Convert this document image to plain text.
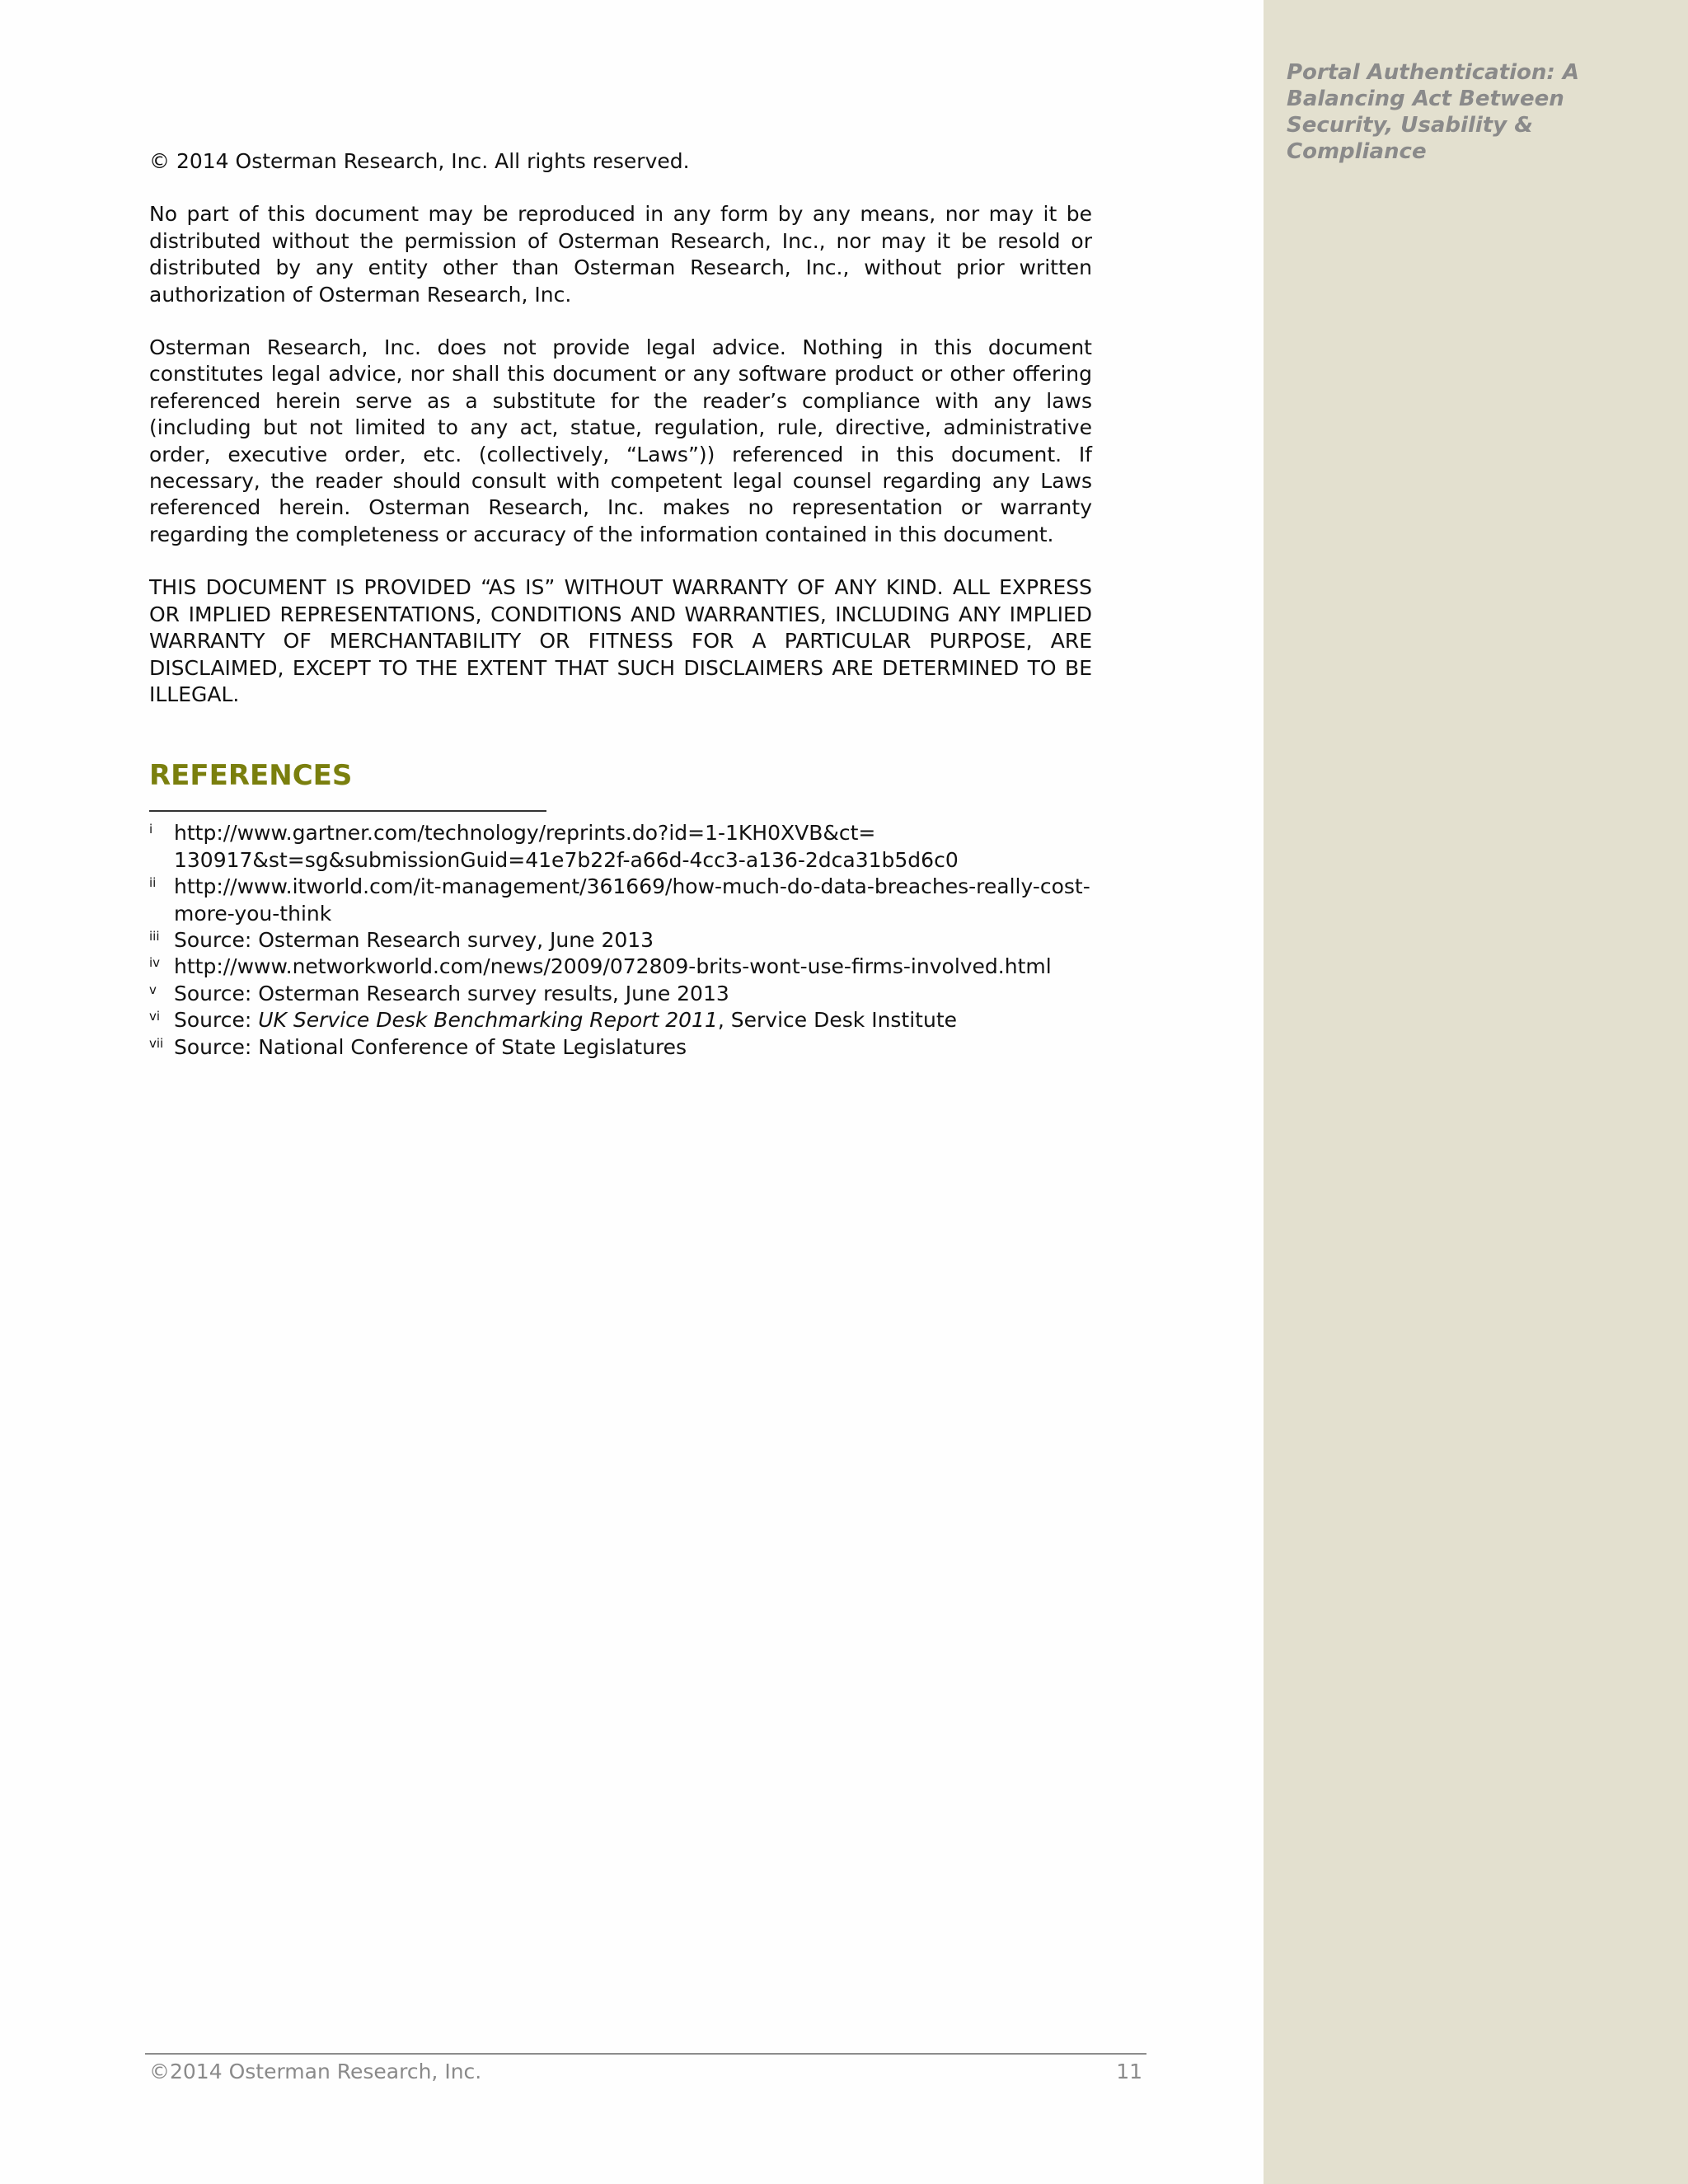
Portal Authentication: A Balancing Act Between Security, Usability & Compliance

© 2014 Osterman Research, Inc. All rights reserved.

No part of this document may be reproduced in any form by any means, nor may it be distributed without the permission of Osterman Research, Inc., nor may it be resold or distributed by any entity other than Osterman Research, Inc., without prior written authorization of Osterman Research, Inc.

Osterman Research, Inc. does not provide legal advice. Nothing in this document constitutes legal advice, nor shall this document or any software product or other offering referenced herein serve as a substitute for the reader’s compliance with any laws (including but not limited to any act, statue, regulation, rule, directive, administrative order, executive order, etc. (collectively, “Laws”)) referenced in this document. If necessary, the reader should consult with competent legal counsel regarding any Laws referenced herein. Osterman Research, Inc. makes no representation or warranty regarding the completeness or accuracy of the information contained in this document.

THIS DOCUMENT IS PROVIDED “AS IS” WITHOUT WARRANTY OF ANY KIND. ALL EXPRESS OR IMPLIED REPRESENTATIONS, CONDITIONS AND WARRANTIES, INCLUDING ANY IMPLIED WARRANTY OF MERCHANTABILITY OR FITNESS FOR A PARTICULAR PURPOSE, ARE DISCLAIMED, EXCEPT TO THE EXTENT THAT SUCH DISCLAIMERS ARE DETERMINED TO BE ILLEGAL.

REFERENCES
i http://www.gartner.com/technology/reprints.do?id=1-1KH0XVB&ct= 130917&st=sg&submissionGuid=41e7b22f-a66d-4cc3-a136-2dca31b5d6c0
ii http://www.itworld.com/it-management/361669/how-much-do-data-breaches-really-cost-more-you-think
iii Source: Osterman Research survey, June 2013
iv http://www.networkworld.com/news/2009/072809-brits-wont-use-firms-involved.html
v Source: Osterman Research survey results, June 2013
vi Source: UK Service Desk Benchmarking Report 2011, Service Desk Institute
vii Source: National Conference of State Legislatures
©2014 Osterman Research, Inc.	11
